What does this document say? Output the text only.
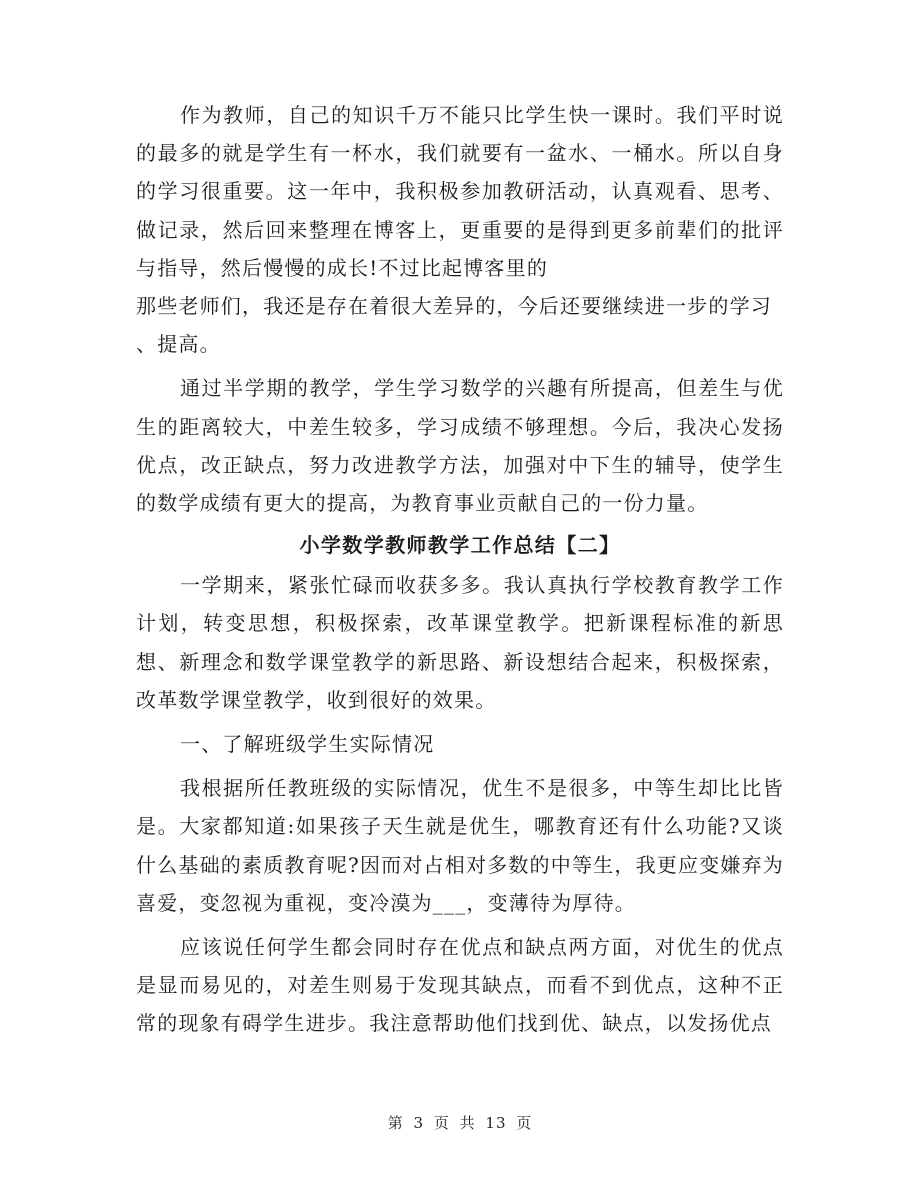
作为教师，自己的知识千万不能只比学生快一课时。我们平时说的最多的就是学生有一杯水，我们就要有一盆水、一桶水。所以自身的学习很重要。这一年中，我积极参加教研活动，认真观看、思考、做记录，然后回来整理在博客上，更重要的是得到更多前辈们的批评与指导，然后慢慢的成长!不过比起博客里的

那些老师们，我还是存在着很大差异的，今后还要继续进一步的学习
、提高。

通过半学期的教学，学生学习数学的兴趣有所提高，但差生与优生的距离较大，中差生较多，学习成绩不够理想。今后，我决心发扬优点，改正缺点，努力改进教学方法，加强对中下生的辅导，使学生的数学成绩有更大的提高，为教育事业贡献自己的一份力量。

小学数学教师教学工作总结【二】

一学期来，紧张忙碌而收获多多。我认真执行学校教育教学工作计划，转变思想，积极探索，改革课堂教学。把新课程标准的新思想、新理念和数学课堂教学的新思路、新设想结合起来，积极探索，改革数学课堂教学，收到很好的效果。

一、了解班级学生实际情况

我根据所任教班级的实际情况，优生不是很多，中等生却比比皆是。大家都知道:如果孩子天生就是优生，哪教育还有什么功能?又谈什么基础的素质教育呢?因而对占相对多数的中等生，我更应变嫌弃为喜爱，变忽视为重视，变冷漠为___，变薄待为厚待。

应该说任何学生都会同时存在优点和缺点两方面，对优生的优点是显而易见的，对差生则易于发现其缺点，而看不到优点，这种不正常的现象有碍学生进步。我注意帮助他们找到优、缺点，以发扬优点

第 3 页 共 13 页
